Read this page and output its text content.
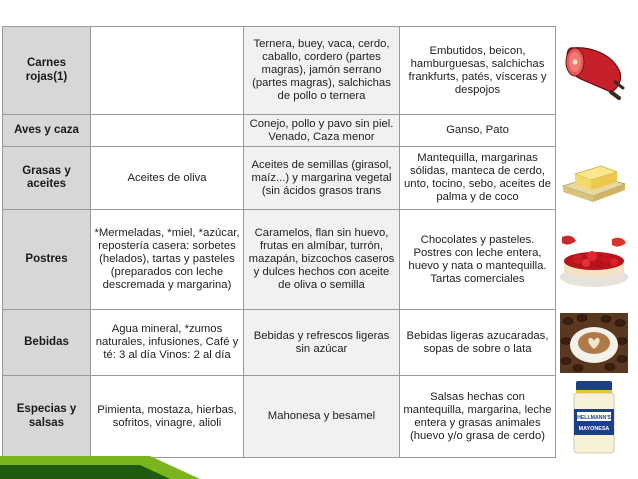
Carnes rojas(1)		Ternera, buey, vaca, cerdo, caballo, cordero (partes magras), jamón serrano (partes magras), salchichas de pollo o ternera	Embutidos, beicon, hamburguesas, salchichas frankfurts, patés, vísceras y despojos	

Aves y caza		Conejo, pollo y pavo sin piel. Venado, Caza menor	Ganso, Pato	
Grasas y aceites	Aceites de oliva	Aceites de semillas (girasol, maíz...) y margarina vegetal (sin ácidos grasos trans	Mantequilla, margarinas sólidas, manteca de cerdo, unto, tocino, sebo, aceites de palma y de coco	

Postres	*Mermeladas, *miel, *azúcar, repostería casera: sorbetes (helados), tartas y pasteles (preparados con leche descremada y margarina)	Caramelos, flan sin huevo, frutas en almíbar, turrón, mazapán, bizcochos caseros y dulces hechos con aceite de oliva o semilla	Chocolates y pasteles. Postres con leche entera, huevo y nata o mantequilla. Tartas comerciales	

Bebidas	Agua mineral, *zumos naturales, infusiones, Café y té: 3 al día Vinos: 2 al día	Bebidas y refrescos ligeras sin azúcar	Bebidas ligeras azucaradas, sopas de sobre o lata	

Especias y salsas	Pimienta, mostaza, hierbas, sofritos, vinagre, alioli	Mahonesa y besamel	Salsas hechas con mantequilla, margarina, leche entera y grasas animales (huevo y/o grasa de cerdo)	HELLMANN'S
MAYONESA
